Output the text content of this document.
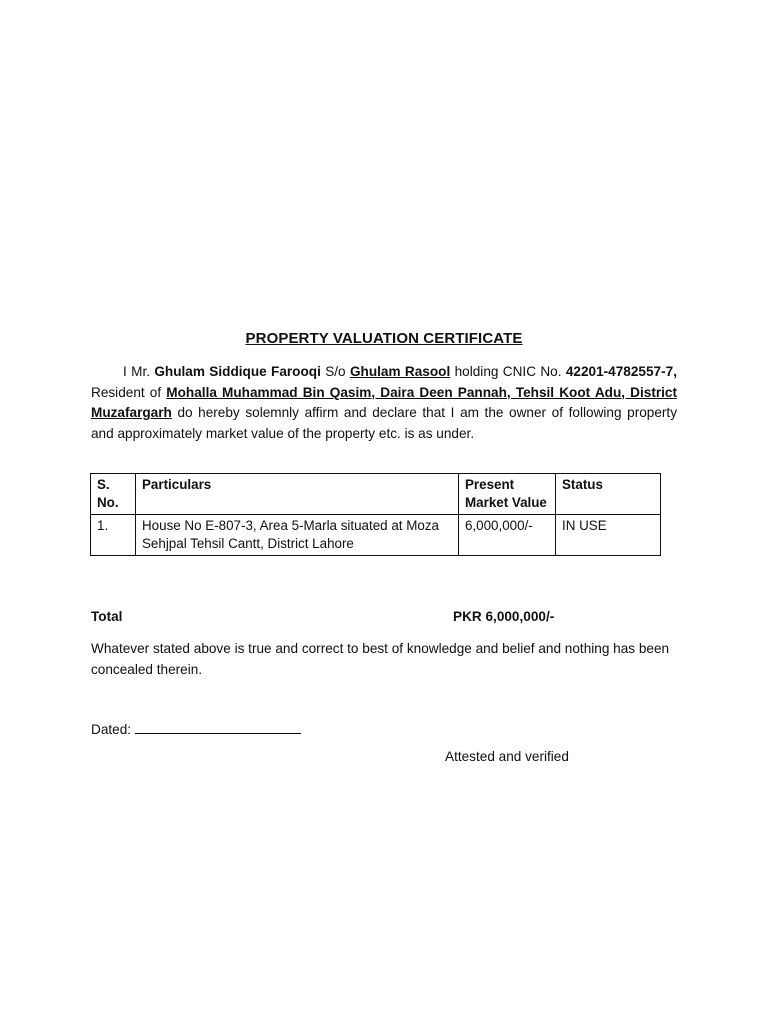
PROPERTY VALUATION CERTIFICATE
I Mr. Ghulam Siddique Farooqi S/o Ghulam Rasool holding CNIC No. 42201-4782557-7, Resident of Mohalla Muhammad Bin Qasim, Daira Deen Pannah, Tehsil Koot Adu, District Muzafargarh do hereby solemnly affirm and declare that I am the owner of following property and approximately market value of the property etc. is as under.
S. No.	Particulars	Present Market Value	Status
1.	House No E-807-3, Area 5-Marla situated at Moza Sehjpal Tehsil Cantt, District Lahore	6,000,000/-	IN USE
Total	PKR 6,000,000/-
Whatever stated above is true and correct to best of knowledge and belief and nothing has been concealed therein.
Dated:
Attested and verified
